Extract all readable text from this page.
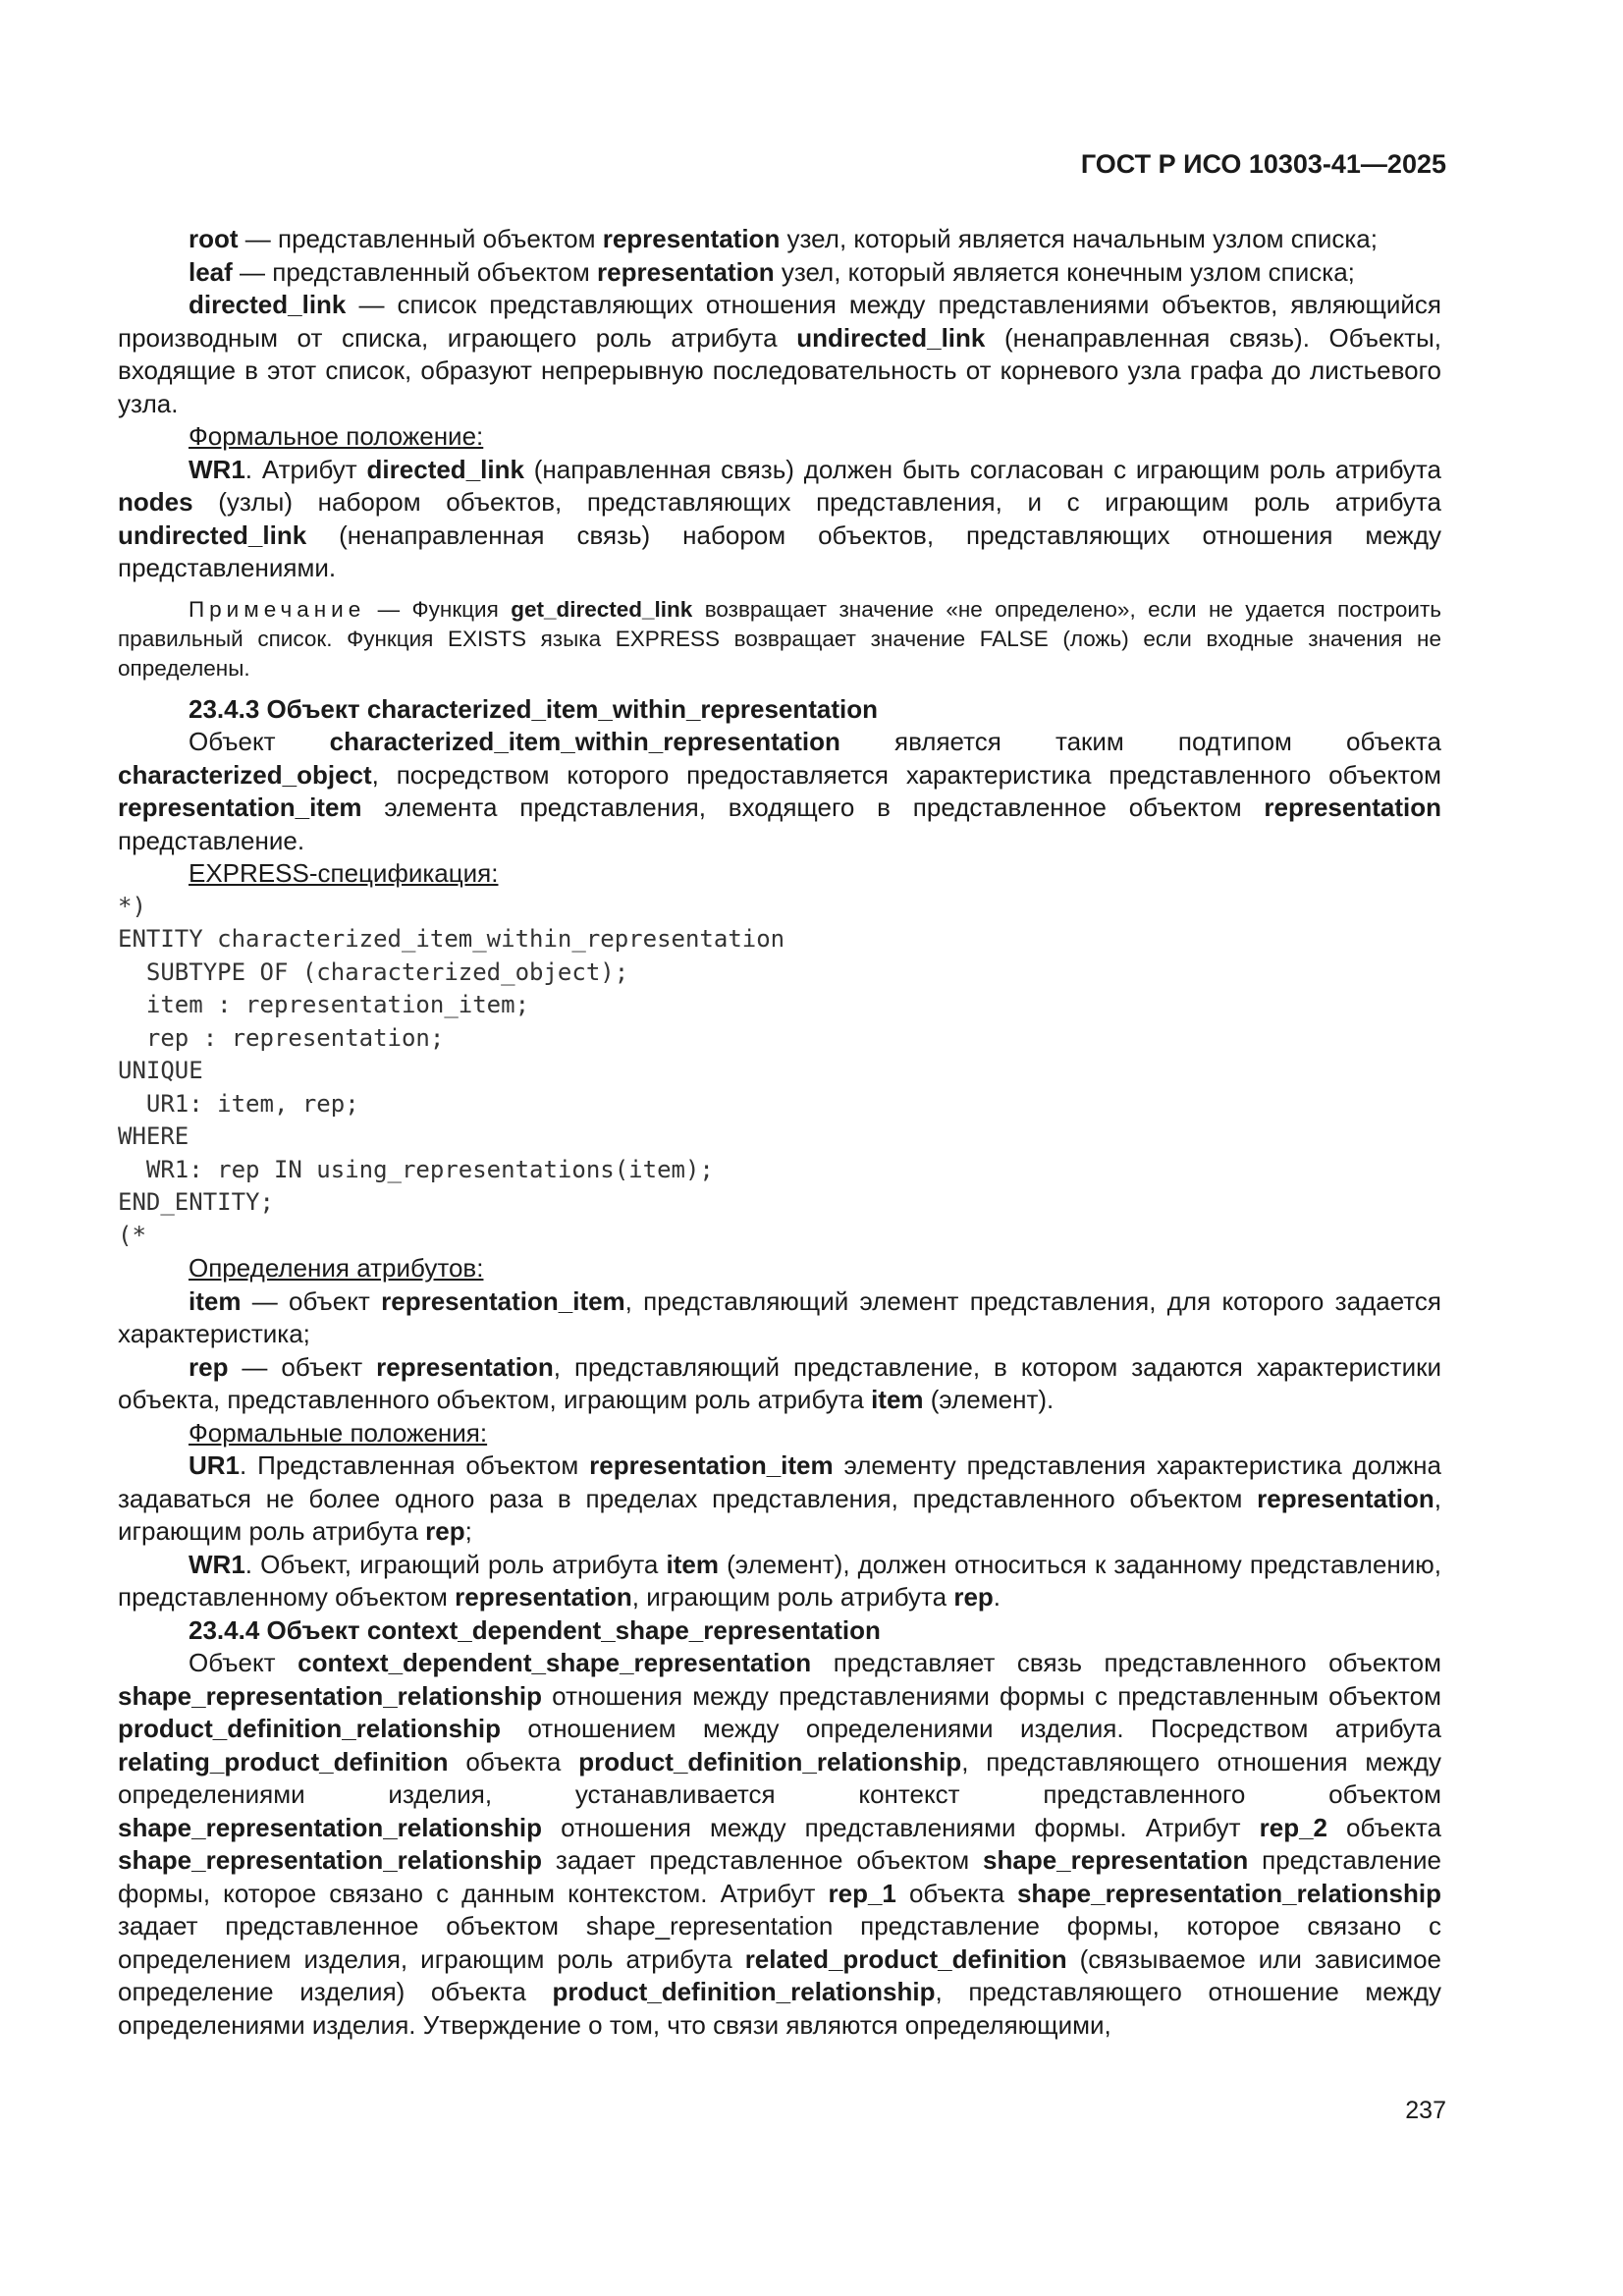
ГОСТ Р ИСО 10303-41—2025

root — представленный объектом representation узел, который является начальным узлом списка;

leaf — представленный объектом representation узел, который является конечным узлом списка;

directed_link — список представляющих отношения между представлениями объектов, являющийся производным от списка, играющего роль атрибута undirected_link (ненаправленная связь). Объекты, входящие в этот список, образуют непрерывную последовательность от корневого узла графа до листьевого узла.

Формальное положение:

WR1. Атрибут directed_link (направленная связь) должен быть согласован с играющим роль атрибута nodes (узлы) набором объектов, представляющих представления, и с играющим роль атрибута undirected_link (ненаправленная связь) набором объектов, представляющих отношения между представлениями.

Примечание — Функция get_directed_link возвращает значение «не определено», если не удается построить правильный список. Функция EXISTS языка EXPRESS возвращает значение FALSE (ложь) если входные значения не определены.

23.4.3 Объект characterized_item_within_representation

Объект characterized_item_within_representation является таким подтипом объекта characterized_object, посредством которого предоставляется характеристика представленного объектом representation_item элемента представления, входящего в представленное объектом representation представление.

EXPRESS-спецификация:

*)
ENTITY characterized_item_within_representation
SUBTYPE OF (characterized_object);
item : representation_item;
rep : representation;
UNIQUE
UR1: item, rep;
WHERE
WR1: rep IN using_representations(item);
END_ENTITY;
(*

Определения атрибутов:

item — объект representation_item, представляющий элемент представления, для которого задается характеристика;

rep — объект representation, представляющий представление, в котором задаются характеристики объекта, представленного объектом, играющим роль атрибута item (элемент).

Формальные положения:

UR1. Представленная объектом representation_item элементу представления характеристика должна задаваться не более одного раза в пределах представления, представленного объектом representation, играющим роль атрибута rep;

WR1. Объект, играющий роль атрибута item (элемент), должен относиться к заданному представлению, представленному объектом representation, играющим роль атрибута rep.

23.4.4 Объект context_dependent_shape_representation

Объект context_dependent_shape_representation представляет связь представленного объектом shape_representation_relationship отношения между представлениями формы с представленным объектом product_definition_relationship отношением между определениями изделия. Посредством атрибута relating_product_definition объекта product_definition_relationship, представляющего отношения между определениями изделия, устанавливается контекст представленного объектом shape_representation_relationship отношения между представлениями формы. Атрибут rep_2 объекта shape_representation_relationship задает представленное объектом shape_representation представление формы, которое связано с данным контекстом. Атрибут rep_1 объекта shape_representation_relationship задает представленное объектом shape_representation представление формы, которое связано с определением изделия, играющим роль атрибута related_product_definition (связываемое или зависимое определение изделия) объекта product_definition_relationship, представляющего отношение между определениями изделия. Утверждение о том, что связи являются определяющими,

237
